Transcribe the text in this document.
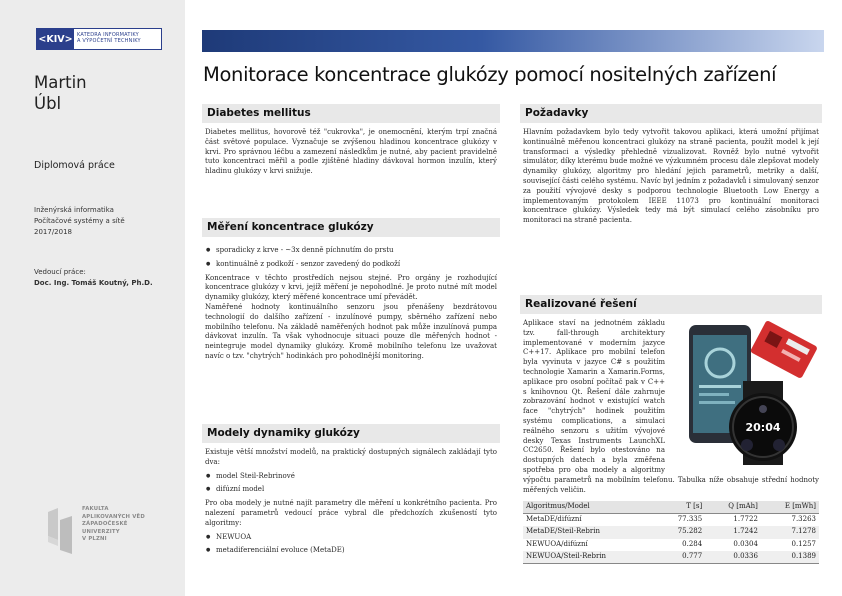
<KIV> KATEDRA INFORMATIKY
A VÝPOČETNÍ TECHNIKY
Martin
Úbl
Diplomová práce
Inženýrská informatika
Počítačové systémy a sítě
2017/2018
Vedoucí práce:
Doc. Ing. Tomáš Koutný, Ph.D.
FAKULTA
APLIKOVANÝCH VĚD
ZÁPADOČESKÉ
UNIVERZITY
V PLZNI
Monitorace koncentrace glukózy pomocí nositelných zařízení
Diabetes mellitus

Diabetes mellitus, hovorově též "cukrovka", je onemocnění, kterým trpí značná část světové populace. Vyznačuje se zvýšenou hladinou koncentrace glukózy v krvi. Pro správnou léčbu a zamezení následkům je nutné, aby pacient pravidelně tuto koncentraci měřil a podle zjištěné hladiny dávkoval hormon inzulín, který hladinu glukózy v krvi snižuje.

Měření koncentrace glukózy
● sporadicky z krve - ~3x denně píchnutím do prstu
● kontinuálně z podkoží - senzor zavedený do podkoží

Koncentrace v těchto prostředích nejsou stejné. Pro orgány je rozhodující koncentrace glukózy v krvi, jejíž měření je nepohodlné. Je proto nutné mít model dynamiky glukózy, který měřené koncentrace umí převádět.

Naměřené hodnoty kontinuálního senzoru jsou přenášeny bezdrátovou technologií do dalšího zařízení - inzulínové pumpy, sběrného zařízení nebo mobilního telefonu. Na základě naměřených hodnot pak může inzulínová pumpa dávkovat inzulín. Ta však vyhodnocuje situaci pouze dle měřených hodnot - neintegruje model dynamiky glukózy. Kromě mobilního telefonu lze uvažovat navíc o tzv. "chytrých" hodinkách pro pohodlnější monitoring.

Modely dynamiky glukózy

Existuje větší množství modelů, na praktický dostupných signálech zakládají tyto dva:

● model Steil-Rebrinové
● difúzní model

Pro oba modely je nutné najít parametry dle měření u konkrétního pacienta. Pro nalezení parametrů vedoucí práce vybral dle předchozích zkušeností tyto algoritmy:

● NEWUOA
● metadiferenciální evoluce (MetaDE)
Požadavky

Hlavním požadavkem bylo tedy vytvořit takovou aplikaci, která umožní přijímat kontinuálně měřenou koncentraci glukózy na straně pacienta, použít model k její transformaci a výsledky přehledně vizualizovat. Rovněž bylo nutné vytvořit simulátor, díky kterému bude možné ve výzkumném procesu dále zlepšovat modely dynamiky glukózy, algoritmy pro hledání jejich parametrů, metriky a další, související části celého systému. Navíc byl jedním z požadavků i simulovaný senzor za použití vývojové desky s podporou technologie Bluetooth Low Energy a implementovaným protokolem IEEE 11073 pro kontinuální monitoraci koncentrace glukózy. Výsledek tedy má být simulací celého zásobníku pro monitoraci na straně pacienta.

Realizované řešení
20:04

Aplikace staví na jednotném základu tzv. fall-through architektury implementované v moderním jazyce C++17. Aplikace pro mobilní telefon byla vyvinuta v jazyce C# s použitím technologie Xamarin a Xamarin.Forms, aplikace pro osobní počítač pak v C++ s knihovnou Qt. Řešení dále zahrnuje zobrazování hodnot v existující watch face "chytrých" hodinek použitím systému complications, a simulaci reálného senzoru s užitím vývojové desky Texas Instruments LaunchXL CC2650. Řešení bylo otestováno na dostupných datech a byla změřena spotřeba pro oba modely a algoritmy výpočtu parametrů na mobilním telefonu. Tabulka níže obsahuje střední hodnoty měřených veličin.

Algoritmus/Model	T [s]	Q [mAh]	E [mWh]
MetaDE/difúzní	77.335	1.7722	7.3263
MetaDE/Steil-Rebrin	75.282	1.7242	7.1278
NEWUOA/difúzní	0.284	0.0304	0.1257
NEWUOA/Steil-Rebrin	0.777	0.0336	0.1389
